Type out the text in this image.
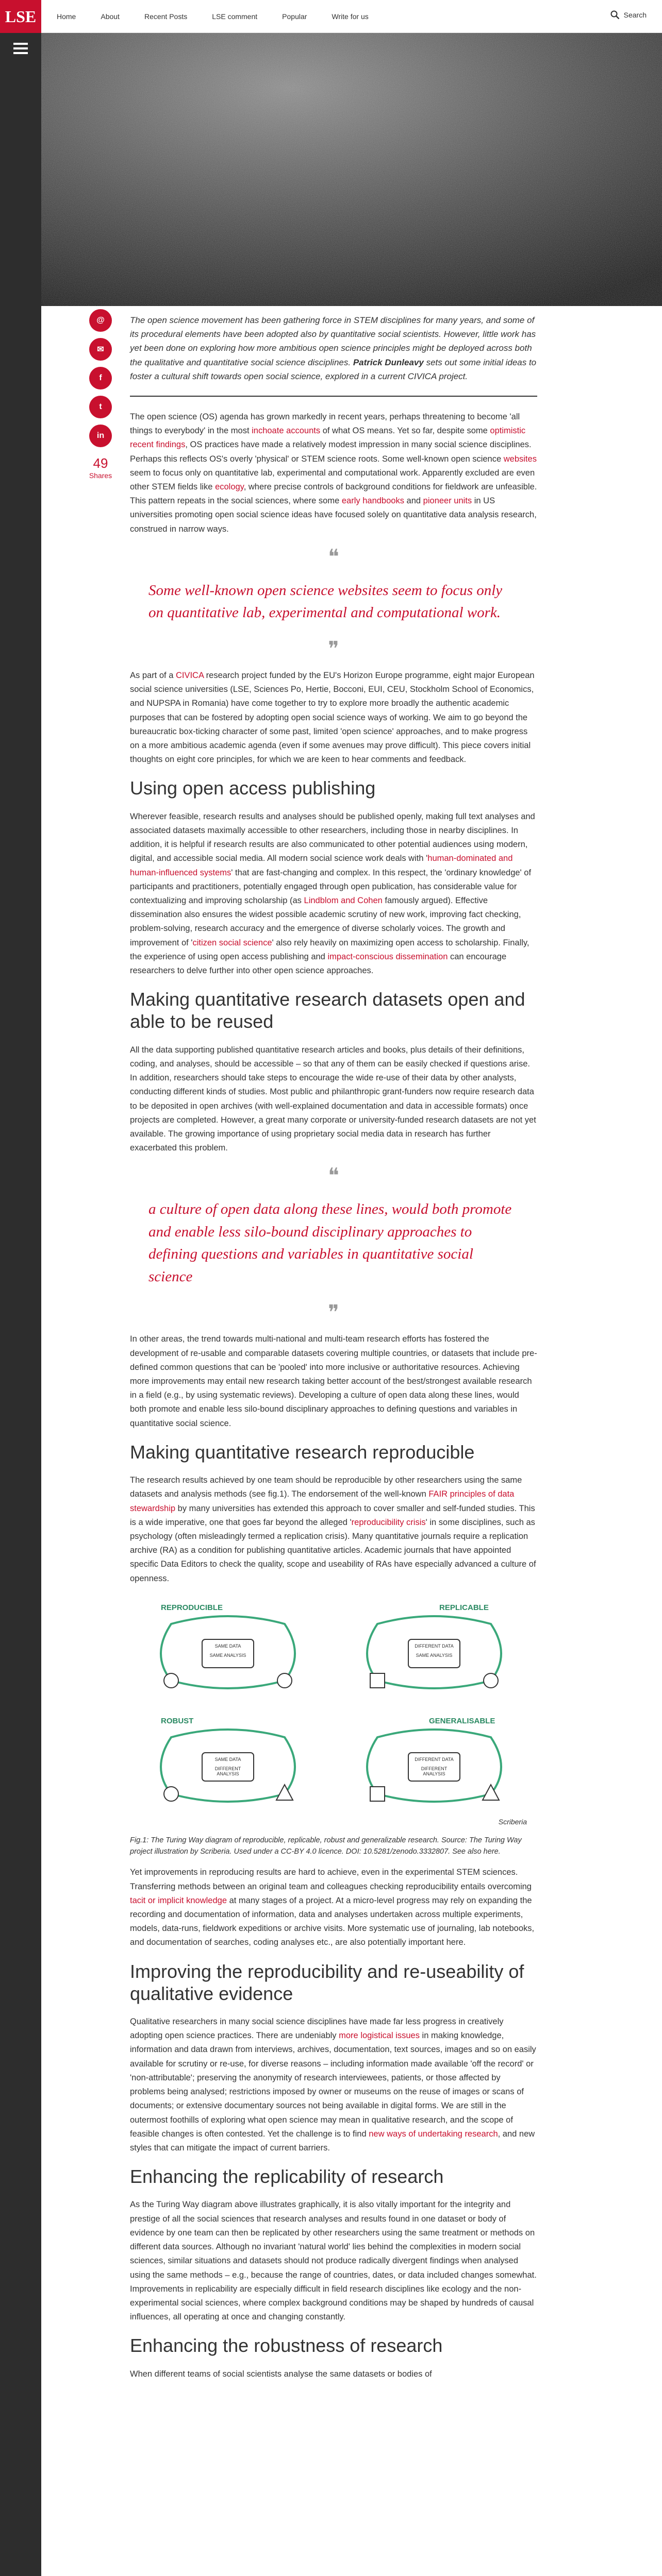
LSE	Home	About	Recent Posts	LSE comment	Popular	Write for us	Search
@
✉
f
t
in
49
Shares
The open science movement has been gathering force in STEM disciplines for many years, and some of its procedural elements have been adopted also by quantitative social scientists. However, little work has yet been done on exploring how more ambitious open science principles might be deployed across both the qualitative and quantitative social science disciplines. Patrick Dunleavy sets out some initial ideas to foster a cultural shift towards open social science, explored in a current CIVICA project.

The open science (OS) agenda has grown markedly in recent years, perhaps threatening to become 'all things to everybody' in the most inchoate accounts of what OS means. Yet so far, despite some optimistic recent findings, OS practices have made a relatively modest impression in many social science disciplines. Perhaps this reflects OS's overly 'physical' or STEM science roots. Some well-known open science websites seem to focus only on quantitative lab, experimental and computational work. Apparently excluded are even other STEM fields like ecology, where precise controls of background conditions for fieldwork are unfeasible. This pattern repeats in the social sciences, where some early handbooks and pioneer units in US universities promoting open social science ideas have focused solely on quantitative data analysis research, construed in narrow ways.

❝
Some well-known open science websites seem to focus only on quantitative lab, experimental and computational work.
❞

As part of a CIVICA research project funded by the EU's Horizon Europe programme, eight major European social science universities (LSE, Sciences Po, Hertie, Bocconi, EUI, CEU, Stockholm School of Economics, and NUPSPA in Romania) have come together to try to explore more broadly the authentic academic purposes that can be fostered by adopting open social science ways of working. We aim to go beyond the bureaucratic box-ticking character of some past, limited 'open science' approaches, and to make progress on a more ambitious academic agenda (even if some avenues may prove difficult). This piece covers initial thoughts on eight core principles, for which we are keen to hear comments and feedback.

Using open access publishing

Wherever feasible, research results and analyses should be published openly, making full text analyses and associated datasets maximally accessible to other researchers, including those in nearby disciplines. In addition, it is helpful if research results are also communicated to other potential audiences using modern, digital, and accessible social media. All modern social science work deals with 'human-dominated and human-influenced systems' that are fast-changing and complex. In this respect, the 'ordinary knowledge' of participants and practitioners, potentially engaged through open publication, has considerable value for contextualizing and improving scholarship (as Lindblom and Cohen famously argued). Effective dissemination also ensures the widest possible academic scrutiny of new work, improving fact checking, problem-solving, research accuracy and the emergence of diverse scholarly voices. The growth and improvement of 'citizen social science' also rely heavily on maximizing open access to scholarship. Finally, the experience of using open access publishing and impact-conscious dissemination can encourage researchers to delve further into other open science approaches.

Making quantitative research datasets open and able to be reused

All the data supporting published quantitative research articles and books, plus details of their definitions, coding, and analyses, should be accessible – so that any of them can be easily checked if questions arise. In addition, researchers should take steps to encourage the wide re-use of their data by other analysts, conducting different kinds of studies. Most public and philanthropic grant-funders now require research data to be deposited in open archives (with well-explained documentation and data in accessible formats) once projects are completed. However, a great many corporate or university-funded research datasets are not yet available. The growing importance of using proprietary social media data in research has further exacerbated this problem.

❝
a culture of open data along these lines, would both promote and enable less silo-bound disciplinary approaches to defining questions and variables in quantitative social science
❞

In other areas, the trend towards multi-national and multi-team research efforts has fostered the development of re-usable and comparable datasets covering multiple countries, or datasets that include pre-defined common questions that can be 'pooled' into more inclusive or authoritative resources. Achieving more improvements may entail new research taking better account of the best/strongest available research in a field (e.g., by using systematic reviews). Developing a culture of open data along these lines, would both promote and enable less silo-bound disciplinary approaches to defining questions and variables in quantitative social science.

Making quantitative research reproducible

The research results achieved by one team should be reproducible by other researchers using the same datasets and analysis methods (see fig.1). The endorsement of the well-known FAIR principles of data stewardship by many universities has extended this approach to cover smaller and self-funded studies. This is a wide imperative, one that goes far beyond the alleged 'reproducibility crisis' in some disciplines, such as psychology (often misleadingly termed a replication crisis). Many quantitative journals require a replication archive (RA) as a condition for publishing quantitative articles. Academic journals that have appointed specific Data Editors to check the quality, scope and useability of RAs have especially advanced a culture of openness.

REPRODUCIBLE
SAME DATA
SAME ANALYSIS
REPLICABLE
DIFFERENT DATA
SAME ANALYSIS
ROBUST
SAME DATA
DIFFERENT ANALYSIS
GENERALISABLE
DIFFERENT DATA
DIFFERENT ANALYSIS
Scriberia
Fig.1: The Turing Way diagram of reproducible, replicable, robust and generalizable research. Source: The Turing Way project illustration by Scriberia. Used under a CC-BY 4.0 licence. DOI: 10.5281/zenodo.3332807. See also here.

Yet improvements in reproducing results are hard to achieve, even in the experimental STEM sciences. Transferring methods between an original team and colleagues checking reproducibility entails overcoming tacit or implicit knowledge at many stages of a project. At a micro-level progress may rely on expanding the recording and documentation of information, data and analyses undertaken across multiple experiments, models, data-runs, fieldwork expeditions or archive visits. More systematic use of journaling, lab notebooks, and documentation of searches, coding analyses etc., are also potentially important here.

Improving the reproducibility and re-useability of qualitative evidence

Qualitative researchers in many social science disciplines have made far less progress in creatively adopting open science practices. There are undeniably more logistical issues in making knowledge, information and data drawn from interviews, archives, documentation, text sources, images and so on easily available for scrutiny or re-use, for diverse reasons – including information made available 'off the record' or 'non-attributable'; preserving the anonymity of research interviewees, patients, or those affected by problems being analysed; restrictions imposed by owner or museums on the reuse of images or scans of documents; or extensive documentary sources not being available in digital forms. We are still in the outermost foothills of exploring what open science may mean in qualitative research, and the scope of feasible changes is often contested. Yet the challenge is to find new ways of undertaking research, and new styles that can mitigate the impact of current barriers.

Enhancing the replicability of research

As the Turing Way diagram above illustrates graphically, it is also vitally important for the integrity and prestige of all the social sciences that research analyses and results found in one dataset or body of evidence by one team can then be replicated by other researchers using the same treatment or methods on different data sources. Although no invariant 'natural world' lies behind the complexities in modern social sciences, similar situations and datasets should not produce radically divergent findings when analysed using the same methods – e.g., because the range of countries, dates, or data included changes somewhat. Improvements in replicability are especially difficult in field research disciplines like ecology and the non-experimental social sciences, where complex background conditions may be shaped by hundreds of causal influences, all operating at once and changing constantly.

Enhancing the robustness of research

When different teams of social scientists analyse the same datasets or bodies of
